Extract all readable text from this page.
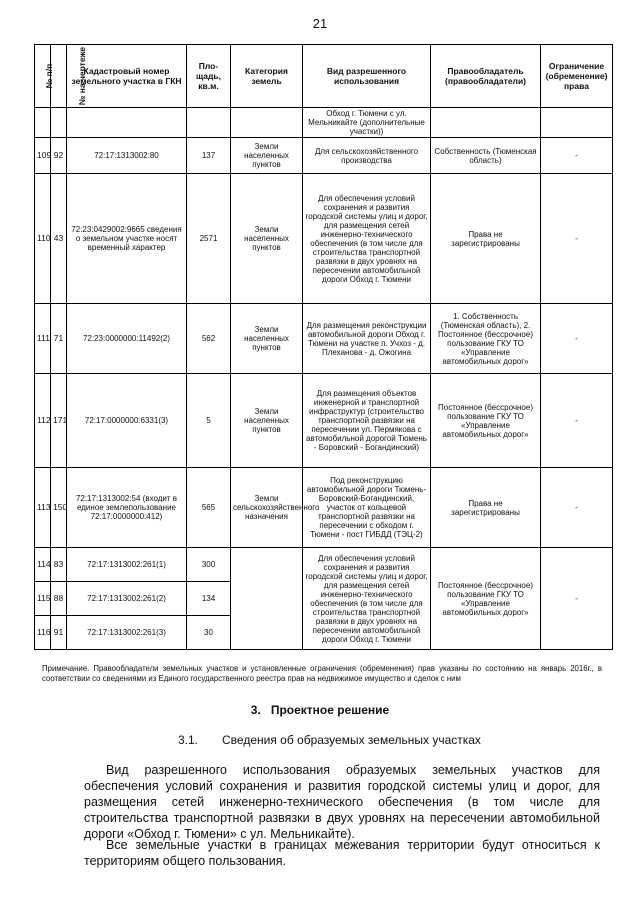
21
№ п/п	№ на чертеже	Кадастровый номер земельного участка в ГКН	Пло-щадь, кв.м.	Категория земель	Вид разрешенного использования	Правообладатель (правообладатели)	Ограничение (обременение) права
					Обход г. Тюмени с ул. Мельникайте (дополнительные участки))		
109	92	72:17:1313002:80	137	Земли населенных пунктов	Для сельскохозяйственного производства	Собственность (Тюменская область)	-
110	43	72:23:0429002:9665 сведения о земельном участке носят временный характер	2571	Земли населенных пунктов	Для обеспечения условий сохранения и развития городской системы улиц и дорог, для размещения сетей инженерно-технического обеспечения (в том числе для строительства транспортной развязки в двух уровнях на пересечении автомобильной дороги Обход г. Тюмени	Права не зарегистрированы	-
111	71	72:23:0000000:11492(2)	562	Земли населенных пунктов	Для размещения реконструкции автомобильной дороги Обход г. Тюмени на участке п. Учхоз - д. Плеханова - д. Ожогина	1. Собственность (Тюменская область), 2. Постоянное (бессрочное) пользование ГКУ ТО «Управление автомобильных дорог»	-
112	171	72:17:0000000:6331(3)	5	Земли населенных пунктов	Для размещения объектов инженерной и транспортной инфраструктур (строительство транспортной развязки на пересечении ул. Пермякова с автомобильной дорогой Тюмень - Боровский - Богандинский)	Постоянное (бессрочное) пользование ГКУ ТО «Управление автомобильных дорог»	-
113	150	72:17:1313002:54 (входит в единое землепользование 72:17:0000000:412)	565	Земли сельскохозяйственного назначения	Под реконструкцию автомобильной дороги Тюмень-Боровский-Богандинский, участок от кольцевой транспортной развязки на пересечении с обходом г. Тюмени - пост ГИБДД (ТЭЦ-2)	Права не зарегистрированы	-
114	83	72:17:1313002:261(1)	300		Для обеспечения условий сохранения и развития городской системы улиц и дорог, для размещения сетей инженерно-технического обеспечения (в том числе для строительства транспортной развязки в двух уровнях на пересечении автомобильной дороги Обход г. Тюмени	Постоянное (бессрочное) пользование ГКУ ТО «Управление автомобильных дорог»	-
115	88	72:17:1313002:261(2)	134				
116	91	72:17:1313002:261(3)	30				
Примечание. Правообладатели земельных участков и установленные ограничения (обременения) прав указаны по состоянию на январь 2016г., в соответствии со сведениями из Единого государственного реестра прав на недвижимое имущество и сделок с ним
3. Проектное решение
3.1. Сведения об образуемых земельных участках
Вид разрешенного использования образуемых земельных участков для обеспечения условий сохранения и развития городской системы улиц и дорог, для размещения сетей инженерно-технического обеспечения (в том числе для строительства транспортной развязки в двух уровнях на пересечении автомобильной дороги «Обход г. Тюмени» с ул. Мельникайте).
Все земельные участки в границах межевания территории будут относиться к территориям общего пользования.
